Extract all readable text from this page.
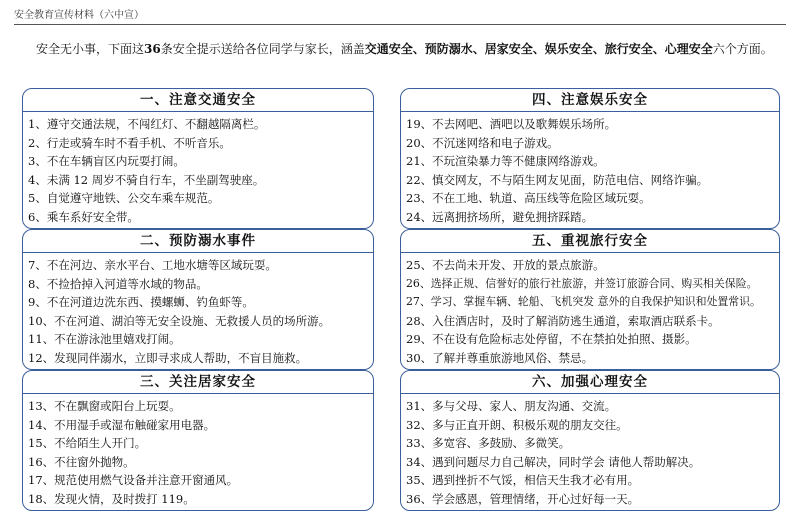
安全教育宣传材料（六中宣）
安全无小事，下面这36条安全提示送给各位同学与家长，涵盖交通安全、预防溺水、居家安全、娱乐安全、旅行安全、心理安全六个方面。
一、注意交通安全
1、遵守交通法规，不闯红灯、不翻越隔离栏。
2、行走或骑车时不看手机、不听音乐。
3、不在车辆盲区内玩耍打闹。
4、未满 12 周岁不骑自行车，不坐副驾驶座。
5、自觉遵守地铁、公交车乘车规范。
6、乘车系好安全带。
二、预防溺水事件
7、不在河边、亲水平台、工地水塘等区域玩耍。
8、不捡拾掉入河道等水域的物品。
9、不在河道边洗东西、摸螺蛳、钓鱼虾等。
10、不在河道、湖泊等无安全设施、无救援人员的场所游。
11、不在游泳池里嬉戏打闹。
12、发现同伴溺水，立即寻求成人帮助，不盲目施救。
三、关注居家安全
13、不在飘窗或阳台上玩耍。
14、不用湿手或湿布触碰家用电器。
15、不给陌生人开门。
16、不往窗外抛物。
17、规范使用燃气设备并注意开窗通风。
18、发现火情，及时拨打 119。
四、注意娱乐安全
19、不去网吧、酒吧以及歌舞娱乐场所。
20、不沉迷网络和电子游戏。
21、不玩渲染暴力等不健康网络游戏。
22、慎交网友，不与陌生网友见面，防范电信、网络诈骗。
23、不在工地、轨道、高压线等危险区域玩耍。
24、远离拥挤场所，避免拥挤踩踏。
五、重视旅行安全
25、不去尚未开发、开放的景点旅游。
26、选择正规、信誉好的旅行社旅游，并签订旅游合同、购买相关保险。
27、学习、掌握车辆、轮船、飞机突发 意外的自我保护知识和处置常识。
28、入住酒店时，及时了解消防逃生通道，索取酒店联系卡。
29、不在设有危险标志处停留，不在禁拍处拍照、摄影。
30、了解并尊重旅游地风俗、禁忌。
六、加强心理安全
31、多与父母、家人、朋友沟通、交流。
32、多与正直开朗、积极乐观的朋友交往。
33、多宽容、多鼓励、多微笑。
34、遇到问题尽力自己解决，同时学会 请他人帮助解决。
35、遇到挫折不气馁，相信天生我才必有用。
36、学会感恩，管理情绪，开心过好每一天。
